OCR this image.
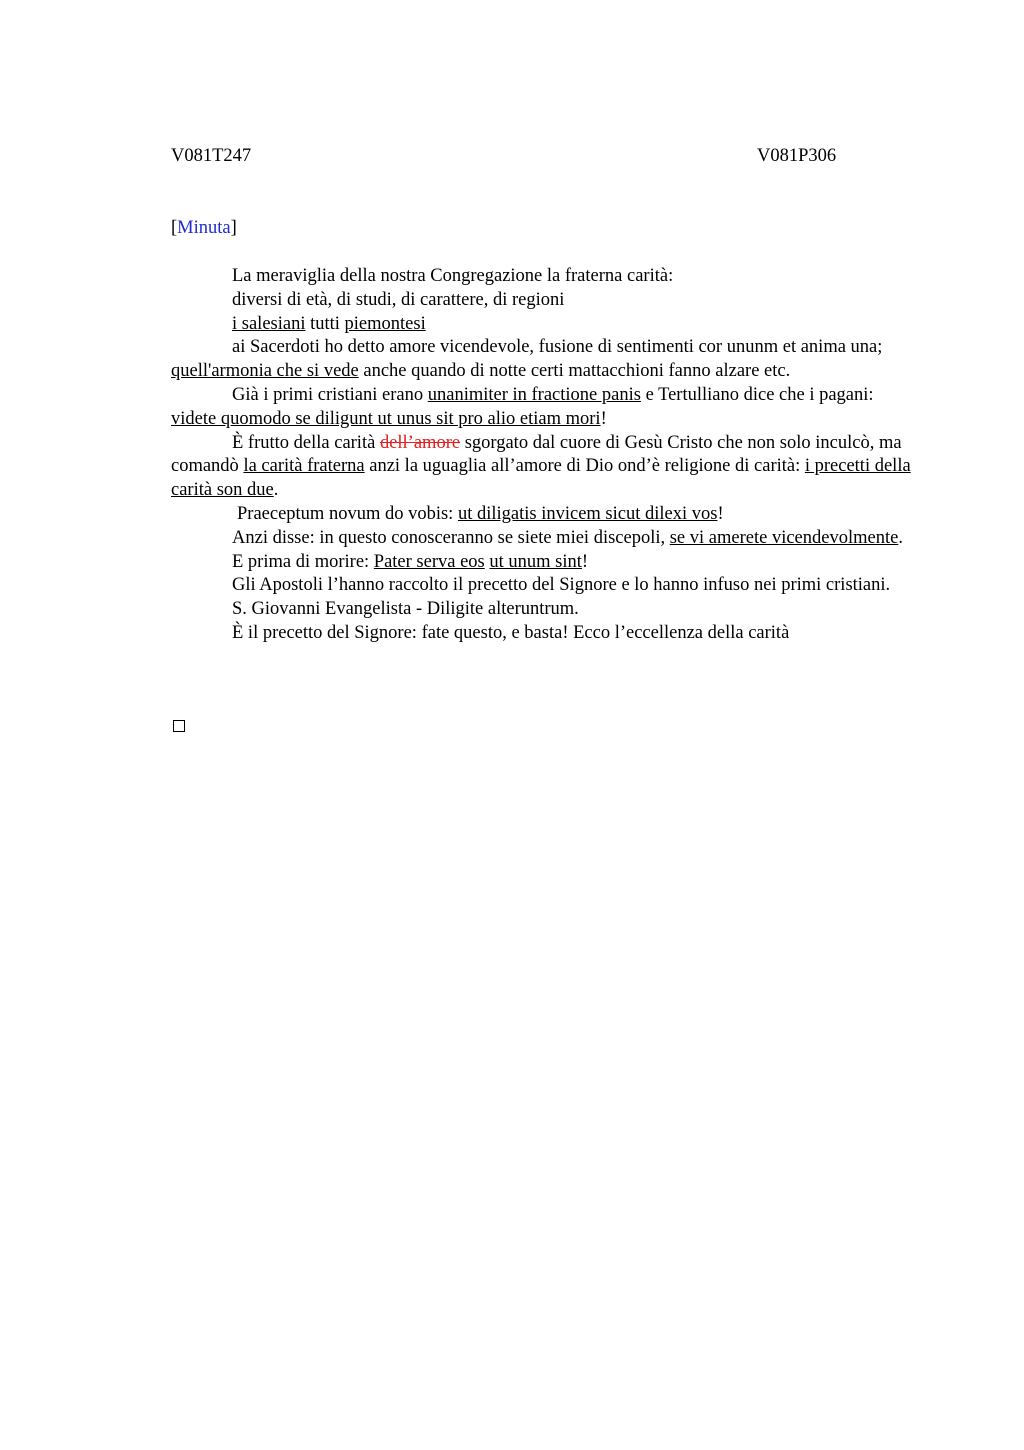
V081T247	V081P306
[Minuta]

La meraviglia della nostra Congregazione la fraterna carità:

diversi di età, di studi, di carattere, di regioni

i salesiani tutti piemontesi

ai Sacerdoti ho detto amore vicendevole, fusione di sentimenti cor ununm et anima una; quell'armonia che si vede anche quando di notte certi mattacchioni fanno alzare etc.

Già i primi cristiani erano unanimiter in fractione panis e Tertulliano dice che i pagani: videte quomodo se diligunt ut unus sit pro alio etiam mori!

È frutto della carità dell’amore sgorgato dal cuore di Gesù Cristo che non solo inculcò, ma comandò la carità fraterna anzi la uguaglia all’amore di Dio ond’è religione di carità: i precetti della carità son due.

Praeceptum novum do vobis: ut diligatis invicem sicut dilexi vos!

Anzi disse: in questo conosceranno se siete miei discepoli, se vi amerete vicendevolmente.

E prima di morire: Pater serva eos ut unum sint!

Gli Apostoli l’hanno raccolto il precetto del Signore e lo hanno infuso nei primi cristiani.

S. Giovanni Evangelista - Diligite alteruntrum.

È il precetto del Signore: fate questo, e basta! Ecco l’eccellenza della carità
